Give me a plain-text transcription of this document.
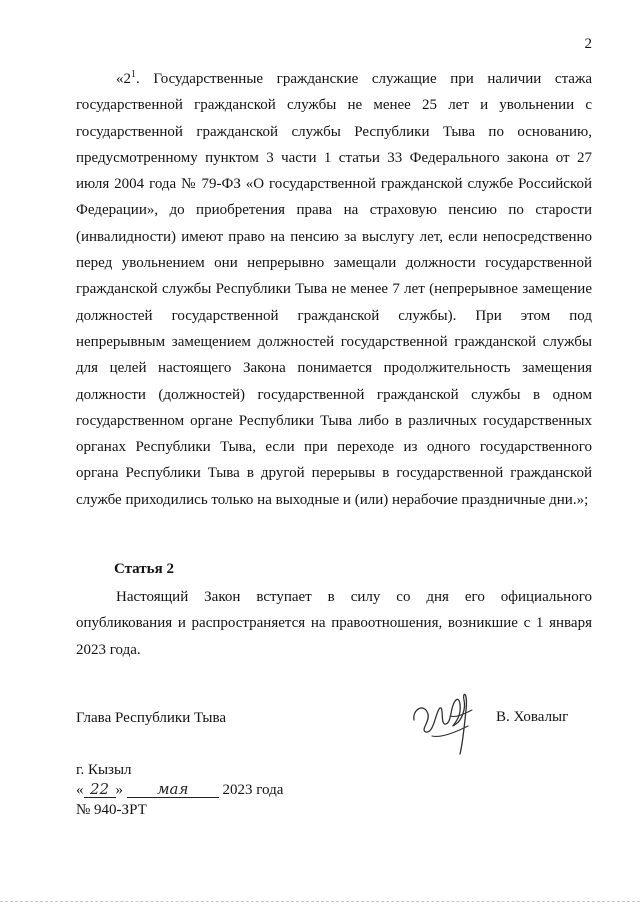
2

«$2^1$. Государственные гражданские служащие при наличии стажа государственной гражданской службы не менее 25 лет и увольнении с государственной гражданской службы Республики Тыва по основанию, предусмотренному пунктом 3 части 1 статьи 33 Федерального закона от 27 июля 2004 года № 79-ФЗ «О государственной гражданской службе Российской Федерации», до приобретения права на страховую пенсию по старости (инвалидности) имеют право на пенсию за выслугу лет, если непосредственно перед увольнением они непрерывно замещали должности государственной гражданской службы Республики Тыва не менее 7 лет (непрерывное замещение должностей государственной гражданской службы). При этом под непрерывным замещением должностей государственной гражданской службы для целей настоящего Закона понимается продолжительность замещения должности (должностей) государственной гражданской службы в одном государственном органе Республики Тыва либо в различных государственных органах Республики Тыва, если при переходе из одного государственного органа Республики Тыва в другой перерывы в государственной гражданской службе приходились только на выходные и (или) нерабочие праздничные дни.»;

Статья 2

Настоящий Закон вступает в силу со дня его официального опубликования и распространяется на правоотношения, возникшие с 1 января 2023 года.

Глава Республики Тыва	В. Ховалыг
г. Кызыл
« 22 » мая 2023 года
№ 940-ЗРТ
